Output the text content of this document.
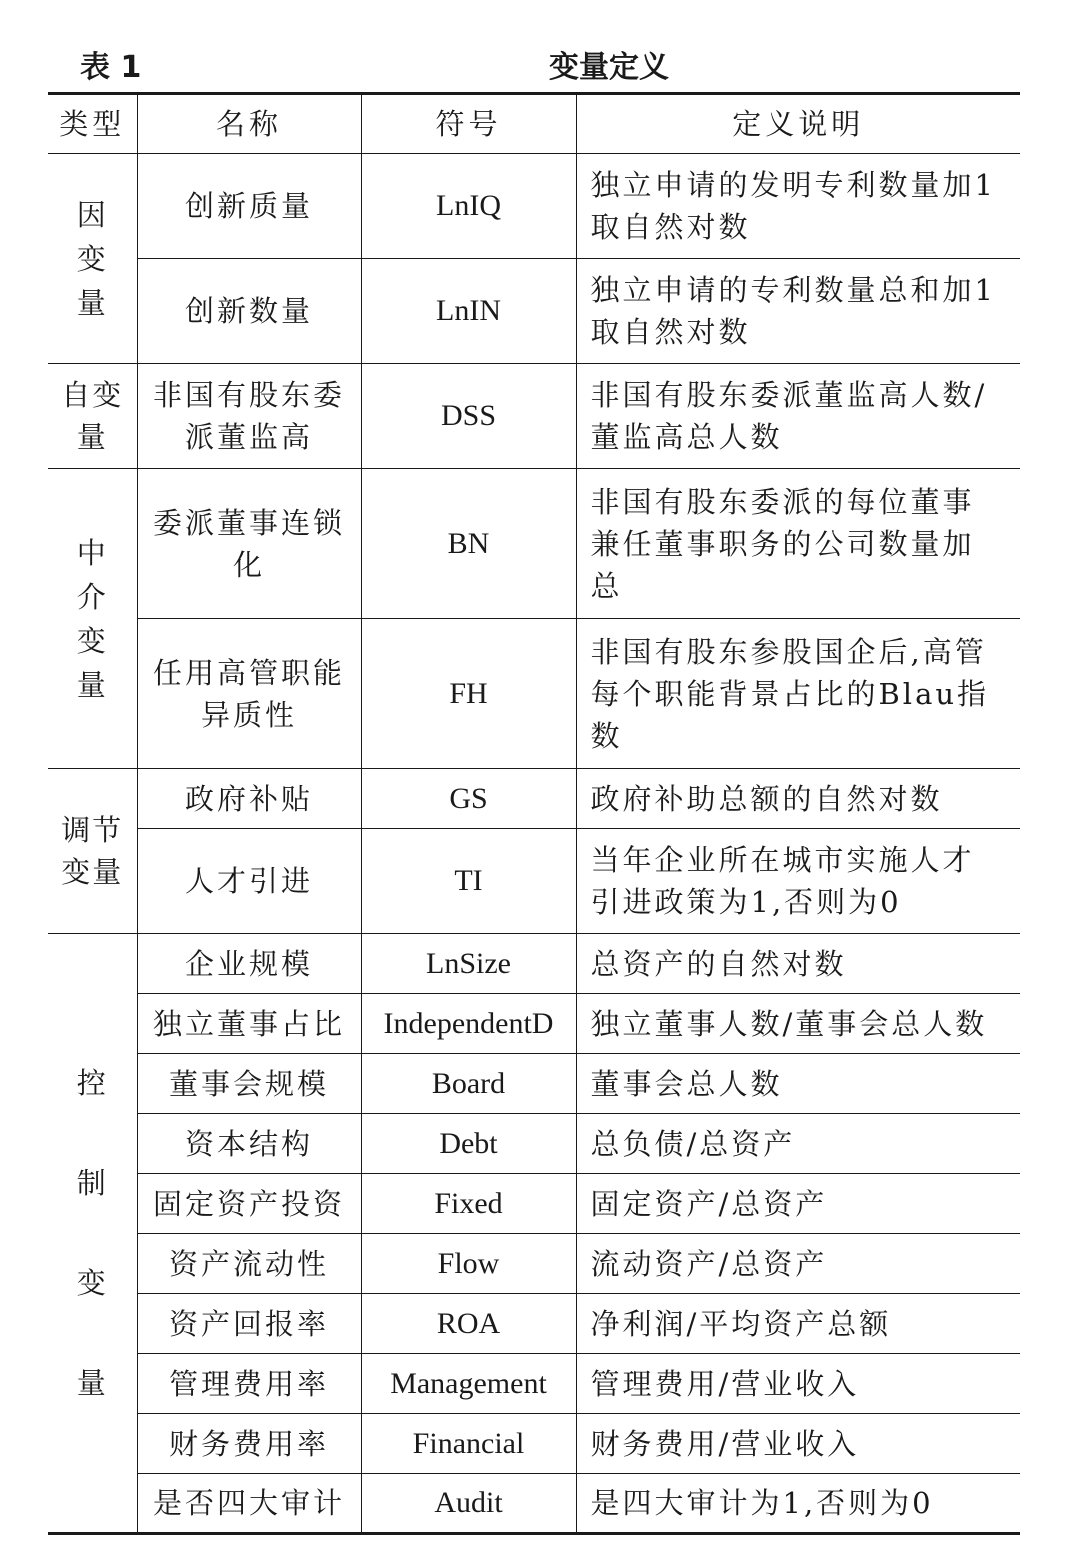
表 1	变量定义
类型	名称	符号	定义说明
因变量	创新质量	LnIQ	独立申请的发明专利数量加1取自然对数
	创新数量	LnIN	独立申请的专利数量总和加1取自然对数
自变量	非国有股东委派董监高	DSS	非国有股东委派董监高人数/董监高总人数
中介变量	委派董事连锁化	BN	非国有股东委派的每位董事兼任董事职务的公司数量加总
	任用高管职能异质性	FH	非国有股东参股国企后,高管每个职能背景占比的Blau指数
调节变量	政府补贴	GS	政府补助总额的自然对数
	人才引进	TI	当年企业所在城市实施人才引进政策为1,否则为0
控制变量	企业规模	LnSize	总资产的自然对数
	独立董事占比	IndependentD	独立董事人数/董事会总人数
	董事会规模	Board	董事会总人数
	资本结构	Debt	总负债/总资产
	固定资产投资	Fixed	固定资产/总资产
	资产流动性	Flow	流动资产/总资产
	资产回报率	ROA	净利润/平均资产总额
	管理费用率	Management	管理费用/营业收入
	财务费用率	Financial	财务费用/营业收入
	是否四大审计	Audit	是四大审计为1,否则为0
